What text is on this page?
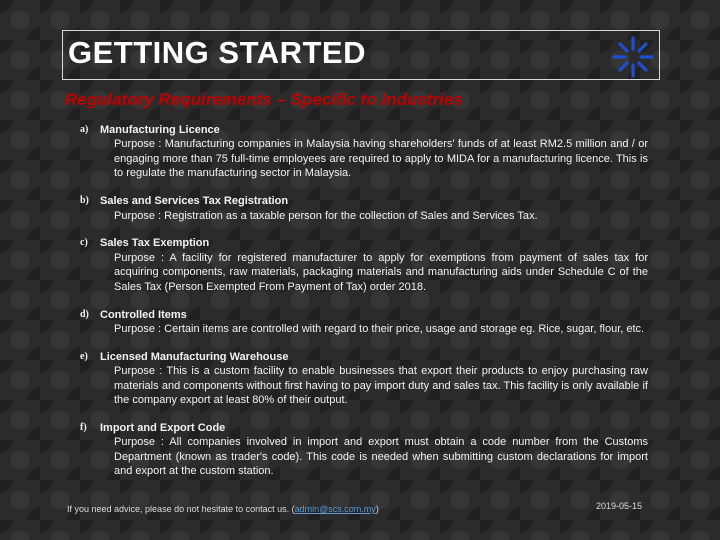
GETTING STARTED
Regulatory Requirements – Specific to Industries
a) Manufacturing Licence
Purpose : Manufacturing companies in Malaysia having shareholders' funds of at least RM2.5 million and / or engaging more than 75 full-time employees are required to apply to MIDA for a manufacturing licence. This is to regulate the manufacturing sector in Malaysia.
b) Sales and Services Tax Registration
Purpose : Registration as a taxable person for the collection of Sales and Services Tax.
c) Sales Tax Exemption
Purpose : A facility for registered manufacturer to apply for exemptions from payment of sales tax for acquiring components, raw materials, packaging materials and manufacturing aids under Schedule C of the Sales Tax (Person Exempted From Payment of Tax) order 2018.
d) Controlled Items
Purpose : Certain items are controlled with regard to their price, usage and storage eg. Rice, sugar, flour, etc.
e) Licensed Manufacturing Warehouse
Purpose : This is a custom facility to enable businesses that export their products to enjoy purchasing raw materials and components without first having to pay import duty and sales tax. This facility is only available if the company export at least 80% of their output.
f) Import and Export Code
Purpose : All companies involved in import and export must obtain a code number from the Customs Department (known as trader's code). This code is needed when submitting custom declarations for import and export at the custom station.
If you need advice, please do not hesitate to contact us. (admin@scs.com.my)	2019-05-15
